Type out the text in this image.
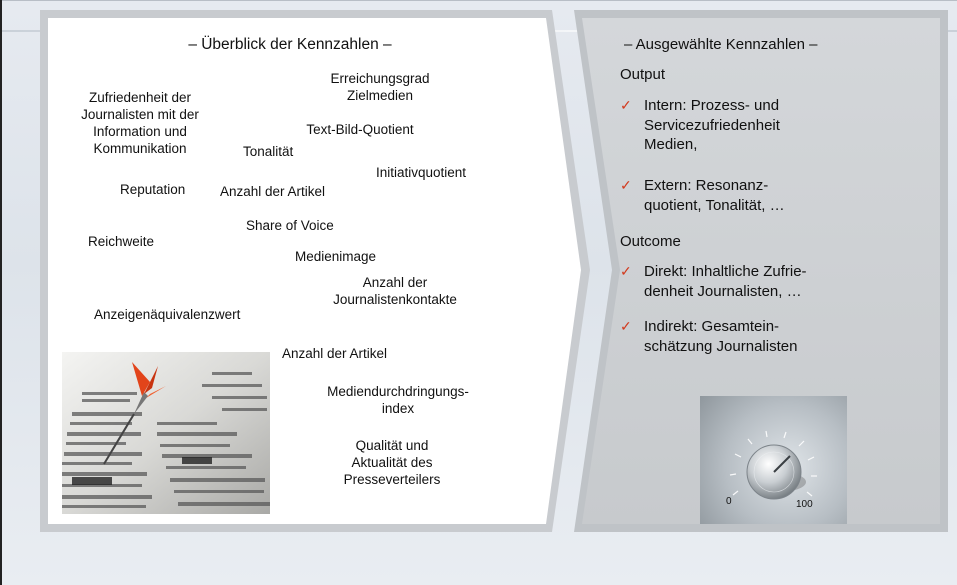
– Überblick der Kennzahlen –
Erreichungsgrad
Zielmedien
Zufriedenheit der
Journalisten mit der
Information und
Kommunikation
Text-Bild-Quotient
Tonalität
Initiativquotient
Reputation	Anzahl der Artikel
Share of Voice
Reichweite
Medienimage
Anzahl der
Journalistenkontakte
Anzeigenäquivalenzwert
Anzahl der Artikel
Mediendurchdringungs-
index
Qualität und
Aktualität des
Presseverteilers
– Ausgewählte Kennzahlen –
Output
✓ Intern: Prozess- und
Servicezufriedenheit
Medien,
✓ Extern: Resonanz-
quotient, Tonalität, …
Outcome
✓ Direkt: Inhaltliche Zufrie-
denheit Journalisten, …
✓ Indirekt: Gesamtein-
schätzung Journalisten
0	100
